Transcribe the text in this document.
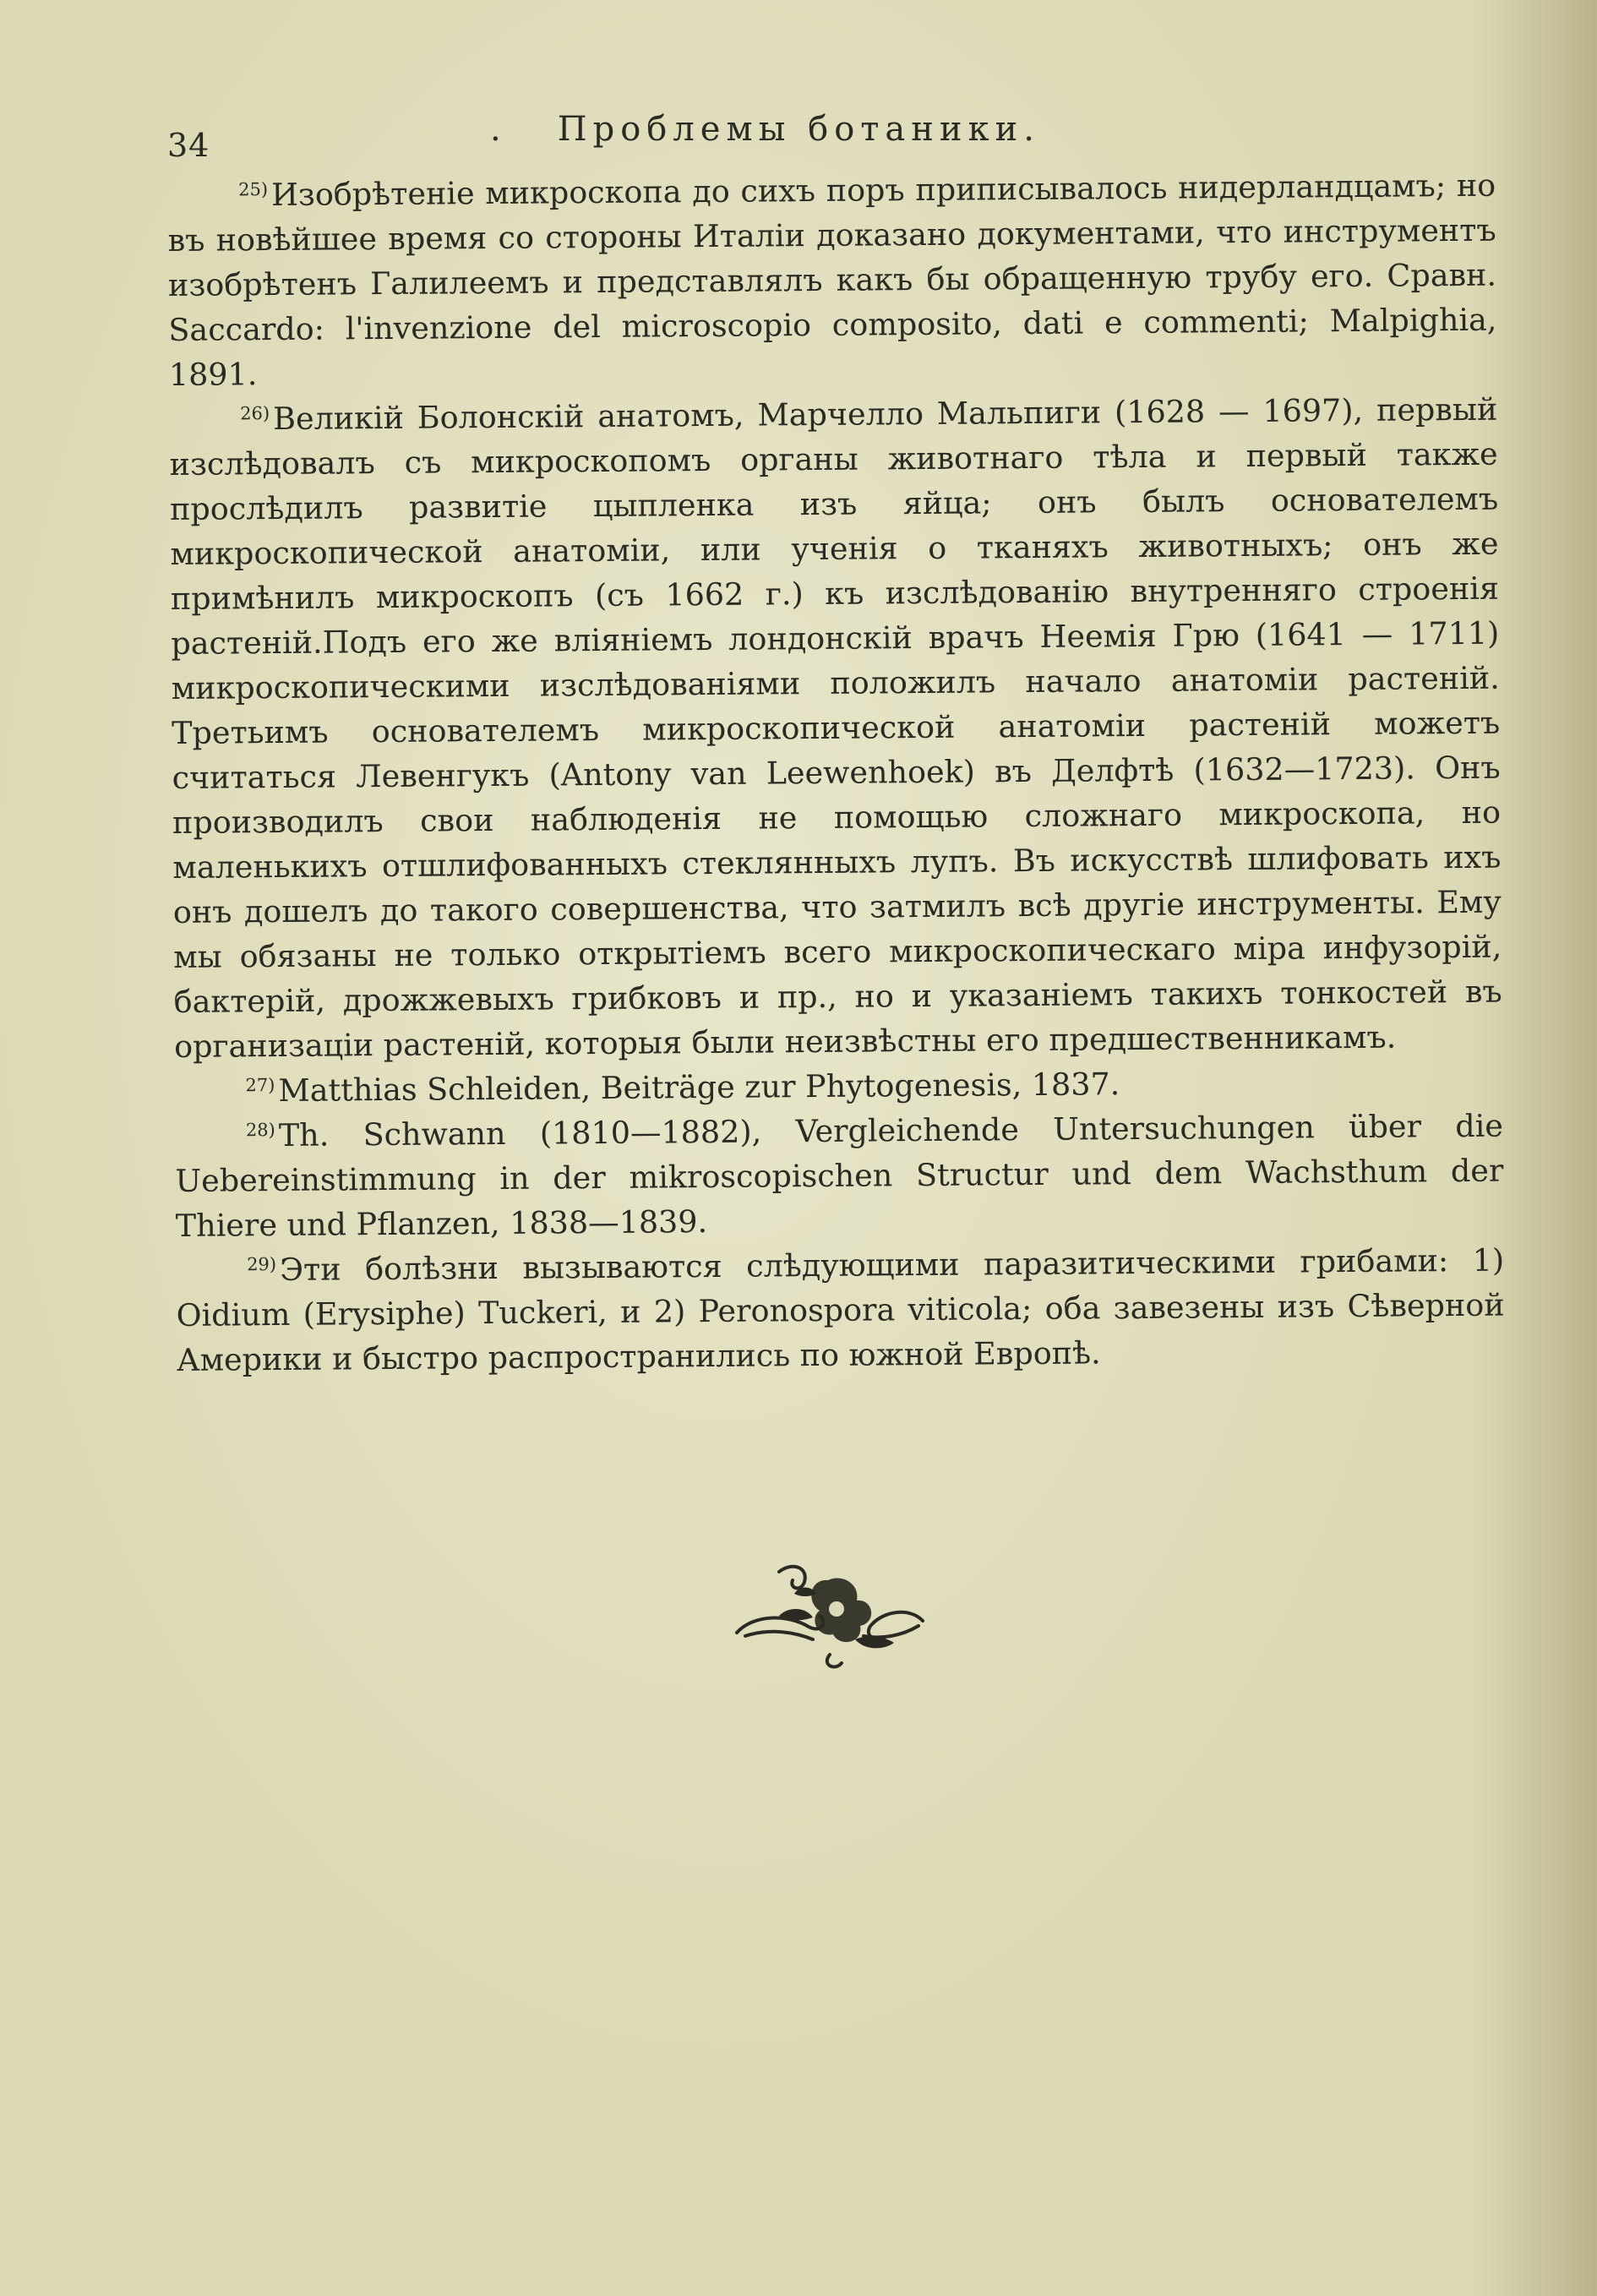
34	. Проблемы ботаники.

$^{25)}$ Изобрѣтеніе микроскопа до сихъ поръ приписывалось нидерландцамъ; но въ новѣйшее время со стороны Италіи доказано документами, что инструментъ изобрѣтенъ Галилеемъ и представлялъ какъ бы обращенную трубу его. Сравн. Saccardo: l'invenzione del microscopio composito, dati e commenti; Malpighia, 1891.

$^{26)}$ Великій Болонскій анатомъ, Марчелло Мальпиги (1628 — 1697), первый изслѣдовалъ съ микроскопомъ органы животнаго тѣла и первый также прослѣдилъ развитіе цыпленка изъ яйца; онъ былъ основателемъ микроскопической анатоміи, или ученія о тканяхъ животныхъ; онъ же примѣнилъ микроскопъ (съ 1662 г.) къ изслѣдованію внутренняго строенія растеній.Подъ его же вліяніемъ лондонскій врачъ Неемія Грю (1641 — 1711) микроскопическими изслѣдованіями положилъ начало анатоміи растеній. Третьимъ основателемъ микроскопической анатоміи растеній можетъ считаться Левенгукъ (Antony van Leewenhoek) въ Делфтѣ (1632—1723). Онъ производилъ свои наблюденія не помощью сложнаго микроскопа, но маленькихъ отшлифованныхъ стеклянныхъ лупъ. Въ искусствѣ шлифовать ихъ онъ дошелъ до такого совершенства, что затмилъ всѣ другіе инструменты. Ему мы обязаны не только открытіемъ всего микроскопическаго міра инфузорій, бактерій, дрожжевыхъ грибковъ и пр., но и указаніемъ такихъ тонкостей въ организаціи растеній, которыя были неизвѣстны его предшественникамъ.

$^{27)}$ Matthias Schleiden, Beiträge zur Phytogenesis, 1837.

$^{28)}$ Th. Schwann (1810—1882), Vergleichende Untersuchungen über die Uebereinstimmung in der mikroscopischen Structur und dem Wachsthum der Thiere und Pflanzen, 1838—1839.

$^{29)}$ Эти болѣзни вызываются слѣдующими паразитическими грибами: 1) Oidium (Erysiphe) Tuckeri, и 2) Peronospora viticola; оба завезены изъ Сѣверной Америки и быстро распространились по южной Европѣ.
